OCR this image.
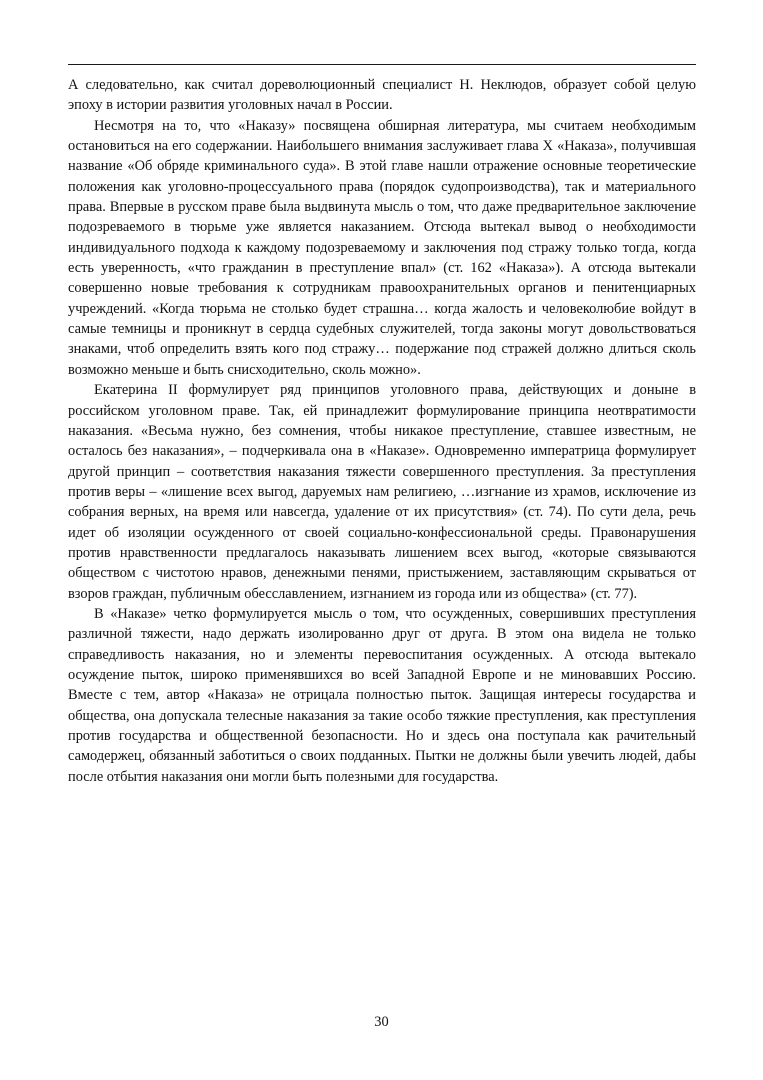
А следовательно, как считал дореволюционный специалист Н. Неклюдов, образует собой целую эпоху в истории развития уголовных начал в России.

Несмотря на то, что «Наказу» посвящена обширная литература, мы считаем необходимым остановиться на его содержании. Наибольшего внимания заслуживает глава X «Наказа», получившая название «Об обряде криминального суда». В этой главе нашли отражение основные теоретические положения как уголовно-процессуального права (порядок судопроизводства), так и материального права. Впервые в русском праве была выдвинута мысль о том, что даже предварительное заключение подозреваемого в тюрьме уже является наказанием. Отсюда вытекал вывод о необходимости индивидуального подхода к каждому подозреваемому и заключения под стражу только тогда, когда есть уверенность, «что гражданин в преступление впал» (ст. 162 «Наказа»). А отсюда вытекали совершенно новые требования к сотрудникам правоохранительных органов и пенитенциарных учреждений. «Когда тюрьма не столько будет страшна… когда жалость и человеколюбие войдут в самые темницы и проникнут в сердца судебных служителей, тогда законы могут довольствоваться знаками, чтоб определить взять кого под стражу… подержание под стражей должно длиться сколь возможно меньше и быть снисходительно, сколь можно».

Екатерина II формулирует ряд принципов уголовного права, действующих и доныне в российском уголовном праве. Так, ей принадлежит формулирование принципа неотвратимости наказания. «Весьма нужно, без сомнения, чтобы никакое преступление, ставшее известным, не осталось без наказания», – подчеркивала она в «Наказе». Одновременно императрица формулирует другой принцип – соответствия наказания тяжести совершенного преступления. За преступления против веры – «лишение всех выгод, даруемых нам религиею, …изгнание из храмов, исключение из собрания верных, на время или навсегда, удаление от их присутствия» (ст. 74). По сути дела, речь идет об изоляции осужденного от своей социально-конфессиональной среды. Правонарушения против нравственности предлагалось наказывать лишением всех выгод, «которые связываются обществом с чистотою нравов, денежными пенями, пристыжением, заставляющим скрываться от взоров граждан, публичным обесславлением, изгнанием из города или из общества» (ст. 77).

В «Наказе» четко формулируется мысль о том, что осужденных, совершивших преступления различной тяжести, надо держать изолированно друг от друга. В этом она видела не только справедливость наказания, но и элементы перевоспитания осужденных. А отсюда вытекало осуждение пыток, широко применявшихся во всей Западной Европе и не миновавших Россию. Вместе с тем, автор «Наказа» не отрицала полностью пыток. Защищая интересы государства и общества, она допускала телесные наказания за такие особо тяжкие преступления, как преступления против государства и общественной безопасности. Но и здесь она поступала как рачительный самодержец, обязанный заботиться о своих подданных. Пытки не должны были увечить людей, дабы после отбытия наказания они могли быть полезными для государства.

30
